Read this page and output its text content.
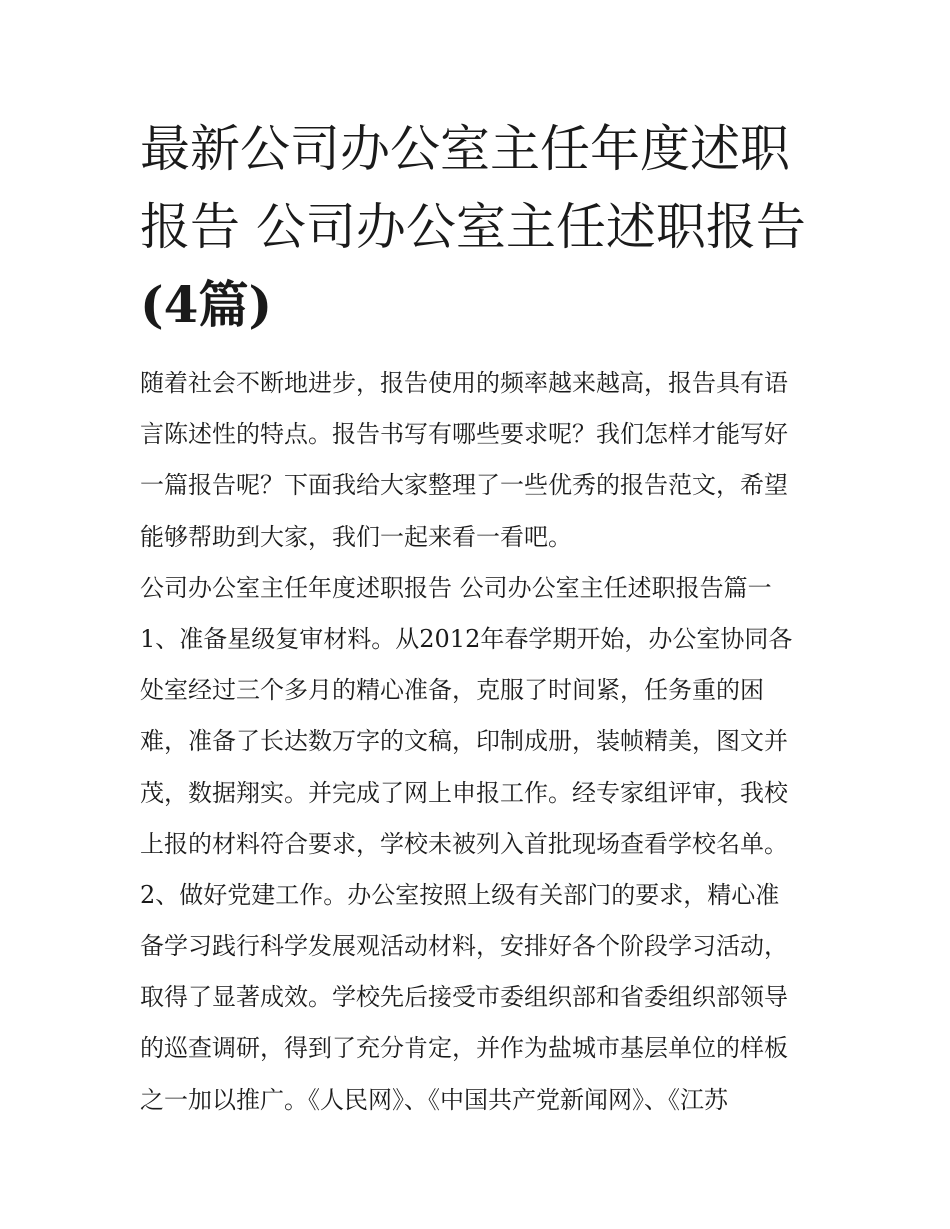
最新公司办公室主任年度述职
报告 公司办公室主任述职报告
(4篇)
随着社会不断地进步，报告使用的频率越来越高，报告具有语
言陈述性的特点。报告书写有哪些要求呢？我们怎样才能写好
一篇报告呢？下面我给大家整理了一些优秀的报告范文，希望
能够帮助到大家，我们一起来看一看吧。
公司办公室主任年度述职报告 公司办公室主任述职报告篇一
1、准备星级复审材料。从2012年春学期开始，办公室协同各
处室经过三个多月的精心准备，克服了时间紧，任务重的困
难，准备了长达数万字的文稿，印制成册，装帧精美，图文并
茂，数据翔实。并完成了网上申报工作。经专家组评审，我校
上报的材料符合要求，学校未被列入首批现场查看学校名单。
2、做好党建工作。办公室按照上级有关部门的要求，精心准
备学习践行科学发展观活动材料，安排好各个阶段学习活动，
取得了显著成效。学校先后接受市委组织部和省委组织部领导
的巡查调研，得到了充分肯定，并作为盐城市基层单位的样板
之一加以推广。《人民网》、《中国共产党新闻网》、《江苏
